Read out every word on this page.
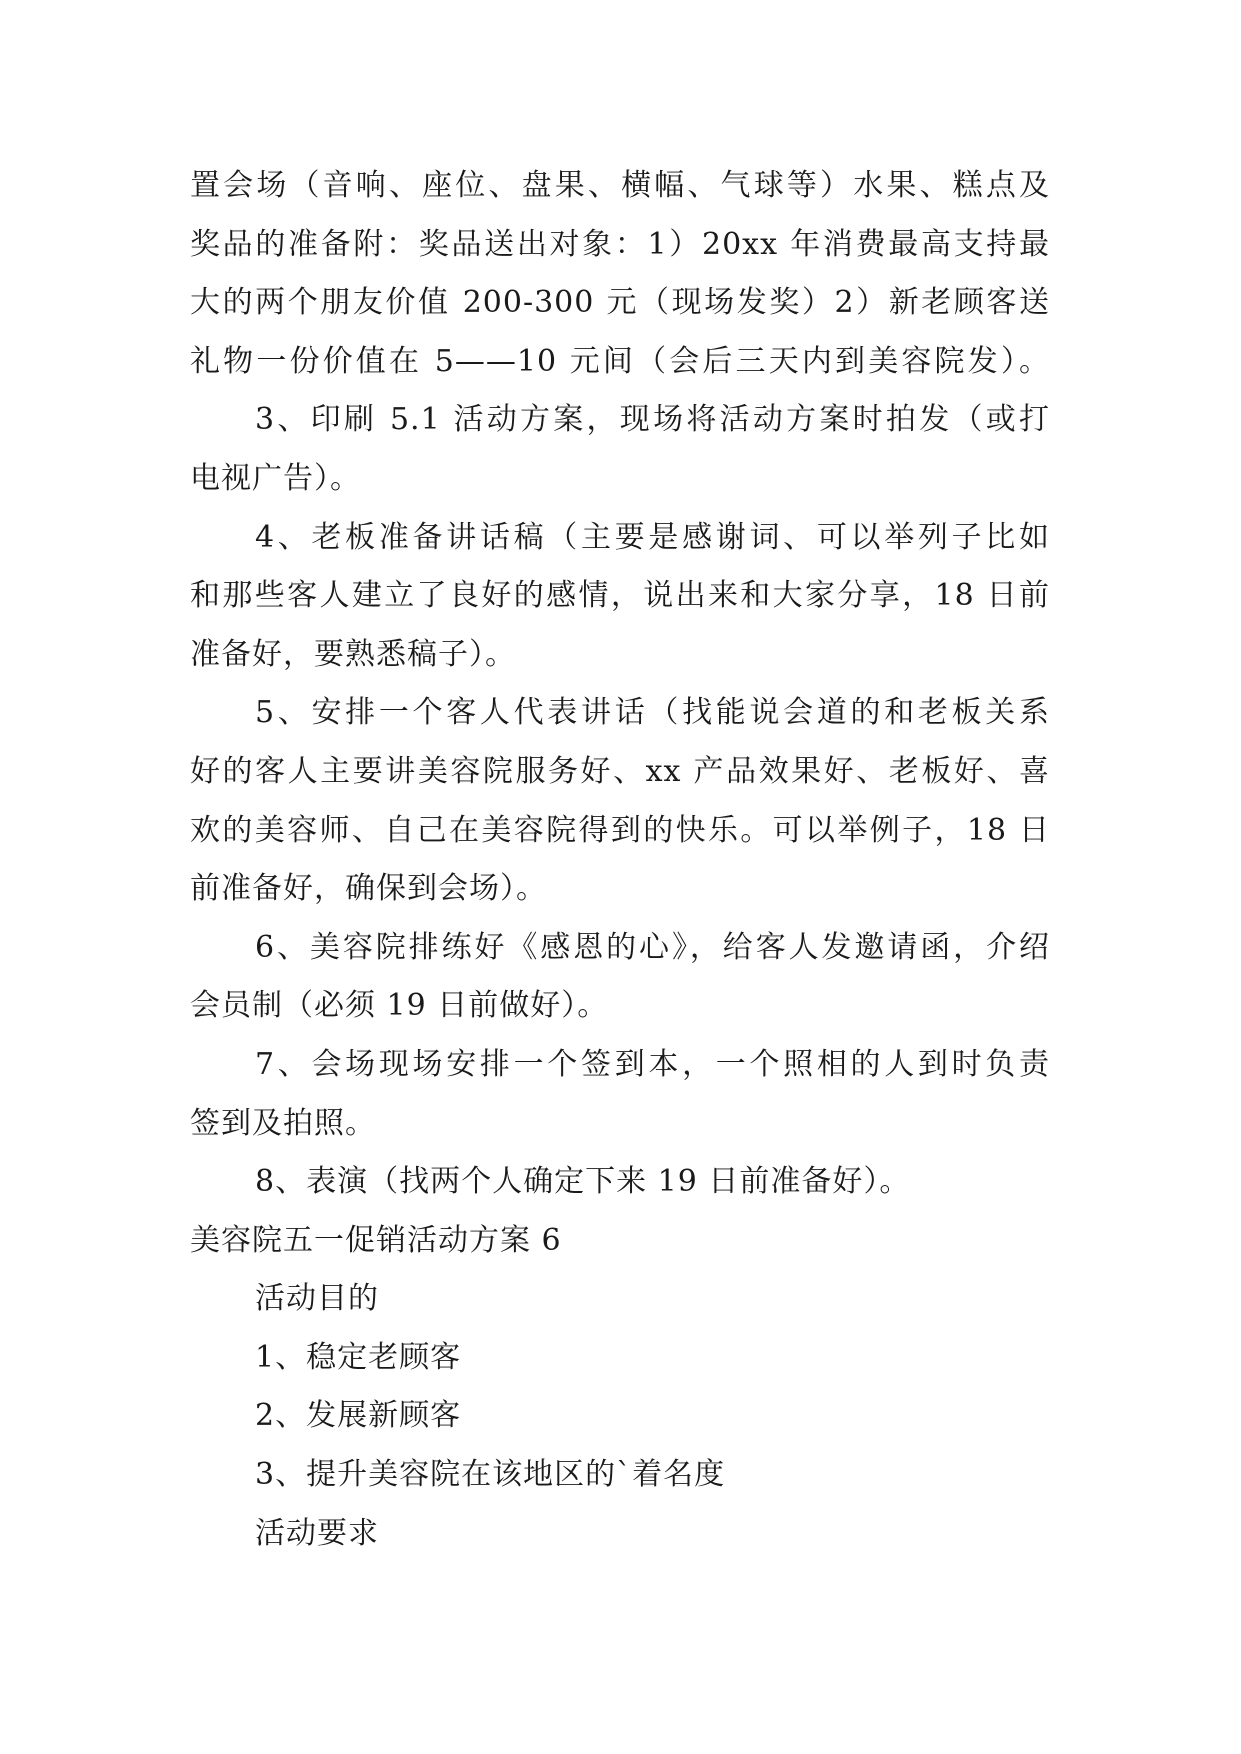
置会场（音响、座位、盘果、横幅、气球等）水果、糕点及
奖品的准备附：奖品送出对象：1）20xx 年消费最高支持最
大的两个朋友价值 200-300 元（现场发奖）2）新老顾客送
礼物一份价值在 5——10 元间（会后三天内到美容院发）。
3、印刷 5.1 活动方案，现场将活动方案时拍发（或打
电视广告）。
4、老板准备讲话稿（主要是感谢词、可以举列子比如
和那些客人建立了良好的感情，说出来和大家分享，18 日前
准备好，要熟悉稿子）。
5、安排一个客人代表讲话（找能说会道的和老板关系
好的客人主要讲美容院服务好、xx 产品效果好、老板好、喜
欢的美容师、自己在美容院得到的快乐。可以举例子，18 日
前准备好，确保到会场）。
6、美容院排练好《感恩的心》，给客人发邀请函，介绍
会员制（必须 19 日前做好）。
7、会场现场安排一个签到本，一个照相的人到时负责
签到及拍照。
8、表演（找两个人确定下来 19 日前准备好）。
美容院五一促销活动方案 6
活动目的
1、稳定老顾客
2、发展新顾客
3、提升美容院在该地区的`着名度
活动要求
